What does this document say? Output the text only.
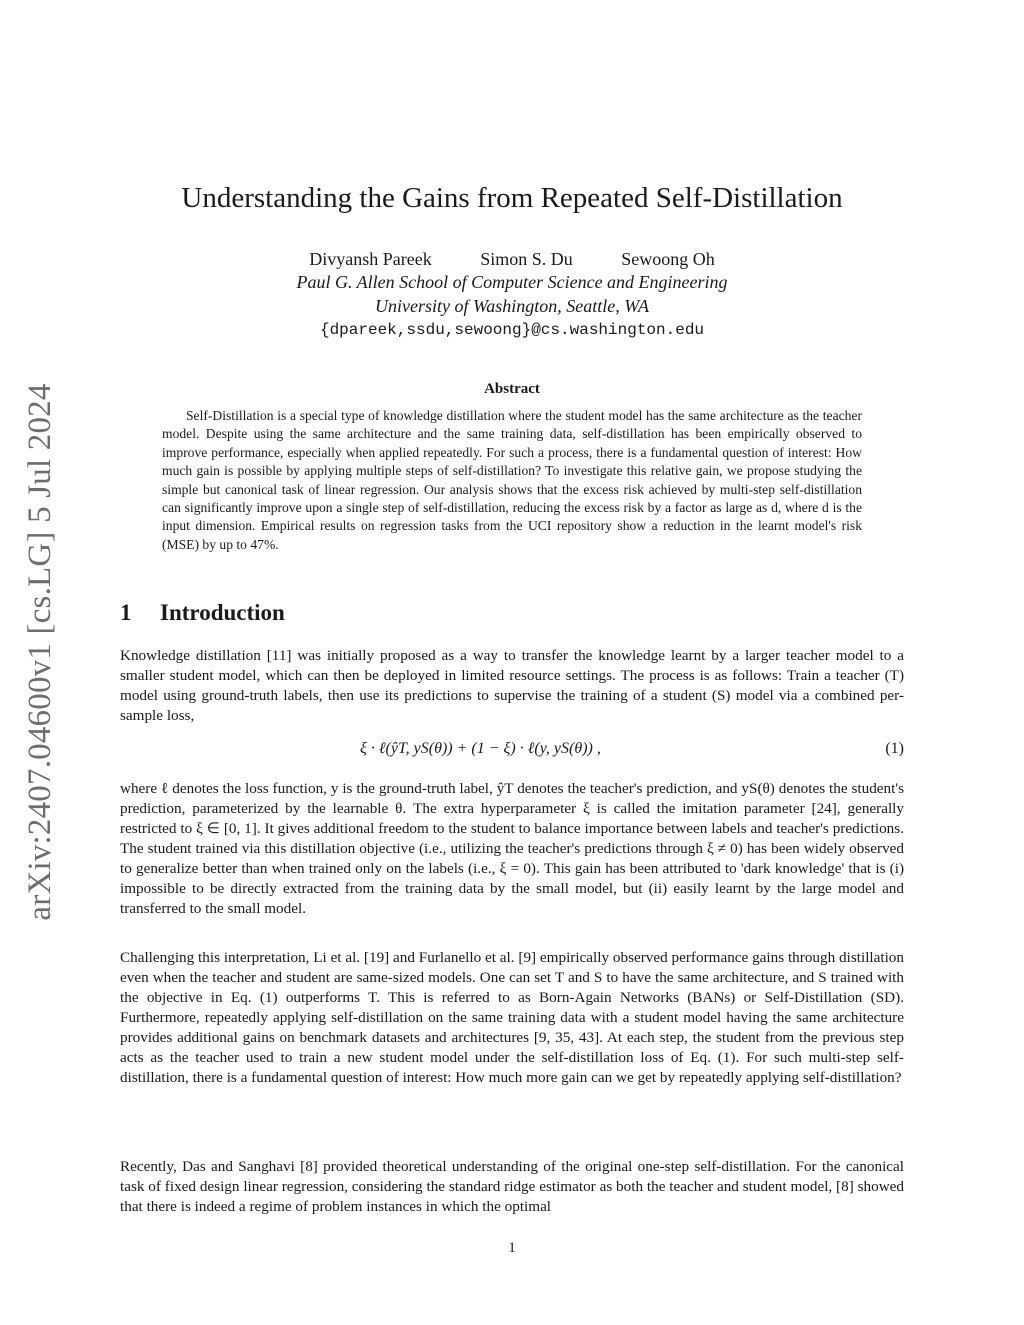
arXiv:2407.04600v1 [cs.LG] 5 Jul 2024
Understanding the Gains from Repeated Self-Distillation
Divyansh Pareek	Simon S. Du	Sewoong Oh
Paul G. Allen School of Computer Science and Engineering
University of Washington, Seattle, WA
{dpareek,ssdu,sewoong}@cs.washington.edu
Abstract

Self-Distillation is a special type of knowledge distillation where the student model has the same architecture as the teacher model. Despite using the same architecture and the same training data, self-distillation has been empirically observed to improve performance, especially when applied repeatedly. For such a process, there is a fundamental question of interest: How much gain is possible by applying multiple steps of self-distillation? To investigate this relative gain, we propose studying the simple but canonical task of linear regression. Our analysis shows that the excess risk achieved by multi-step self-distillation can significantly improve upon a single step of self-distillation, reducing the excess risk by a factor as large as d, where d is the input dimension. Empirical results on regression tasks from the UCI repository show a reduction in the learnt model's risk (MSE) by up to 47%.

1 Introduction

Knowledge distillation [11] was initially proposed as a way to transfer the knowledge learnt by a larger teacher model to a smaller student model, which can then be deployed in limited resource settings. The process is as follows: Train a teacher (T) model using ground-truth labels, then use its predictions to supervise the training of a student (S) model via a combined per-sample loss,

ξ · ℓ(ŷT, yS(θ)) + (1 − ξ) · ℓ(y, yS(θ)) ,	(1)

where ℓ denotes the loss function, y is the ground-truth label, ŷT denotes the teacher's prediction, and yS(θ) denotes the student's prediction, parameterized by the learnable θ. The extra hyperparameter ξ is called the imitation parameter [24], generally restricted to ξ ∈ [0, 1]. It gives additional freedom to the student to balance importance between labels and teacher's predictions. The student trained via this distillation objective (i.e., utilizing the teacher's predictions through ξ ≠ 0) has been widely observed to generalize better than when trained only on the labels (i.e., ξ = 0). This gain has been attributed to 'dark knowledge' that is (i) impossible to be directly extracted from the training data by the small model, but (ii) easily learnt by the large model and transferred to the small model.

Challenging this interpretation, Li et al. [19] and Furlanello et al. [9] empirically observed performance gains through distillation even when the teacher and student are same-sized models. One can set T and S to have the same architecture, and S trained with the objective in Eq. (1) outperforms T. This is referred to as Born-Again Networks (BANs) or Self-Distillation (SD). Furthermore, repeatedly applying self-distillation on the same training data with a student model having the same architecture provides additional gains on benchmark datasets and architectures [9, 35, 43]. At each step, the student from the previous step acts as the teacher used to train a new student model under the self-distillation loss of Eq. (1). For such multi-step self-distillation, there is a fundamental question of interest: How much more gain can we get by repeatedly applying self-distillation?

Recently, Das and Sanghavi [8] provided theoretical understanding of the original one-step self-distillation. For the canonical task of fixed design linear regression, considering the standard ridge estimator as both the teacher and student model, [8] showed that there is indeed a regime of problem instances in which the optimal

1
